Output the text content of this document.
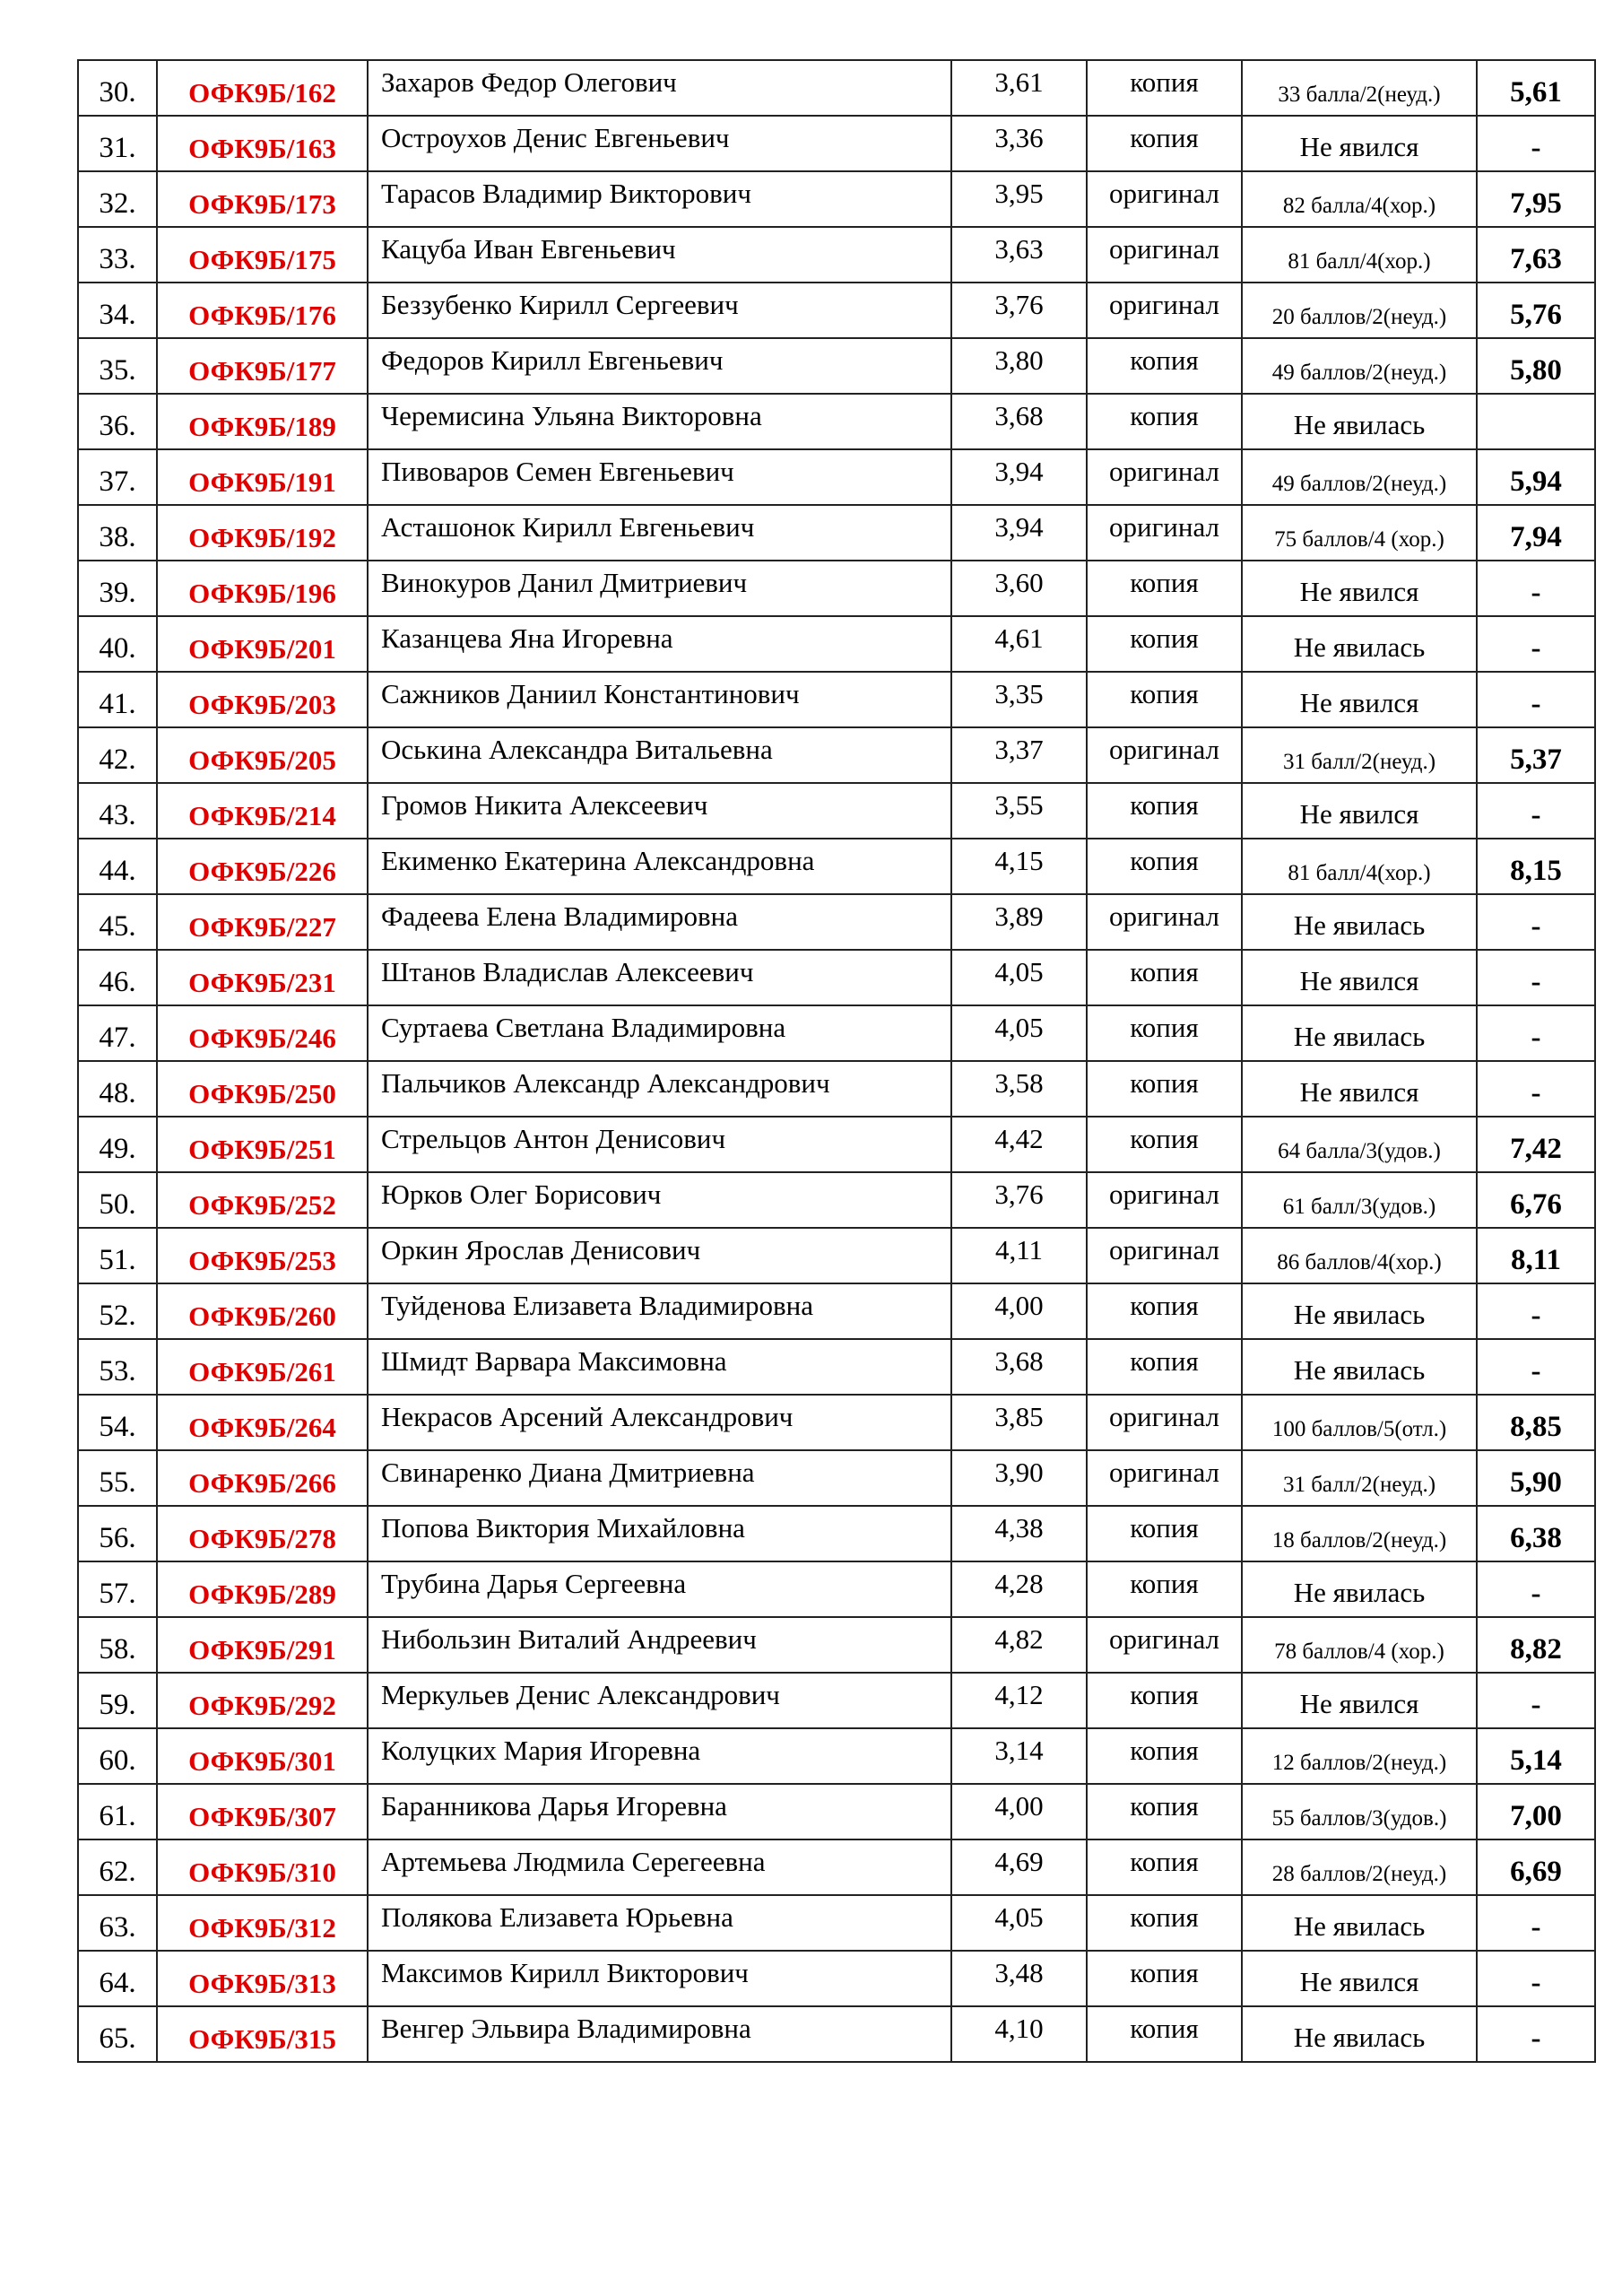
30.	ОФК9Б/162	Захаров Федор Олегович	3,61	копия	33 балла/2(неуд.)	5,61
31.	ОФК9Б/163	Остроухов Денис Евгеньевич	3,36	копия	Не явился	-
32.	ОФК9Б/173	Тарасов Владимир Викторович	3,95	оригинал	82 балла/4(хор.)	7,95
33.	ОФК9Б/175	Кацуба Иван Евгеньевич	3,63	оригинал	81 балл/4(хор.)	7,63
34.	ОФК9Б/176	Беззубенко Кирилл Сергеевич	3,76	оригинал	20 баллов/2(неуд.)	5,76
35.	ОФК9Б/177	Федоров Кирилл Евгеньевич	3,80	копия	49 баллов/2(неуд.)	5,80
36.	ОФК9Б/189	Черемисина Ульяна Викторовна	3,68	копия	Не явилась	
37.	ОФК9Б/191	Пивоваров Семен Евгеньевич	3,94	оригинал	49 баллов/2(неуд.)	5,94
38.	ОФК9Б/192	Асташонок Кирилл Евгеньевич	3,94	оригинал	75 баллов/4 (хор.)	7,94
39.	ОФК9Б/196	Винокуров Данил Дмитриевич	3,60	копия	Не явился	-
40.	ОФК9Б/201	Казанцева Яна Игоревна	4,61	копия	Не явилась	-
41.	ОФК9Б/203	Сажников Даниил Константинович	3,35	копия	Не явился	-
42.	ОФК9Б/205	Оськина Александра Витальевна	3,37	оригинал	31 балл/2(неуд.)	5,37
43.	ОФК9Б/214	Громов Никита Алексеевич	3,55	копия	Не явился	-
44.	ОФК9Б/226	Екименко Екатерина Александровна	4,15	копия	81 балл/4(хор.)	8,15
45.	ОФК9Б/227	Фадеева Елена Владимировна	3,89	оригинал	Не явилась	-
46.	ОФК9Б/231	Штанов Владислав Алексеевич	4,05	копия	Не явился	-
47.	ОФК9Б/246	Суртаева Светлана Владимировна	4,05	копия	Не явилась	-
48.	ОФК9Б/250	Пальчиков Александр Александрович	3,58	копия	Не явился	-
49.	ОФК9Б/251	Стрельцов Антон Денисович	4,42	копия	64 балла/3(удов.)	7,42
50.	ОФК9Б/252	Юрков Олег Борисович	3,76	оригинал	61 балл/3(удов.)	6,76
51.	ОФК9Б/253	Оркин Ярослав Денисович	4,11	оригинал	86 баллов/4(хор.)	8,11
52.	ОФК9Б/260	Туйденова Елизавета Владимировна	4,00	копия	Не явилась	-
53.	ОФК9Б/261	Шмидт Варвара Максимовна	3,68	копия	Не явилась	-
54.	ОФК9Б/264	Некрасов Арсений Александрович	3,85	оригинал	100 баллов/5(отл.)	8,85
55.	ОФК9Б/266	Свинаренко Диана Дмитриевна	3,90	оригинал	31 балл/2(неуд.)	5,90
56.	ОФК9Б/278	Попова Виктория Михайловна	4,38	копия	18 баллов/2(неуд.)	6,38
57.	ОФК9Б/289	Трубина Дарья Сергеевна	4,28	копия	Не явилась	-
58.	ОФК9Б/291	Нибользин Виталий Андреевич	4,82	оригинал	78 баллов/4 (хор.)	8,82
59.	ОФК9Б/292	Меркульев Денис Александрович	4,12	копия	Не явился	-
60.	ОФК9Б/301	Колуцких Мария Игоревна	3,14	копия	12 баллов/2(неуд.)	5,14
61.	ОФК9Б/307	Баранникова Дарья Игоревна	4,00	копия	55 баллов/3(удов.)	7,00
62.	ОФК9Б/310	Артемьева Людмила Серегеевна	4,69	копия	28 баллов/2(неуд.)	6,69
63.	ОФК9Б/312	Полякова Елизавета Юрьевна	4,05	копия	Не явилась	-
64.	ОФК9Б/313	Максимов Кирилл Викторович	3,48	копия	Не явился	-
65.	ОФК9Б/315	Венгер Эльвира Владимировна	4,10	копия	Не явилась	-
